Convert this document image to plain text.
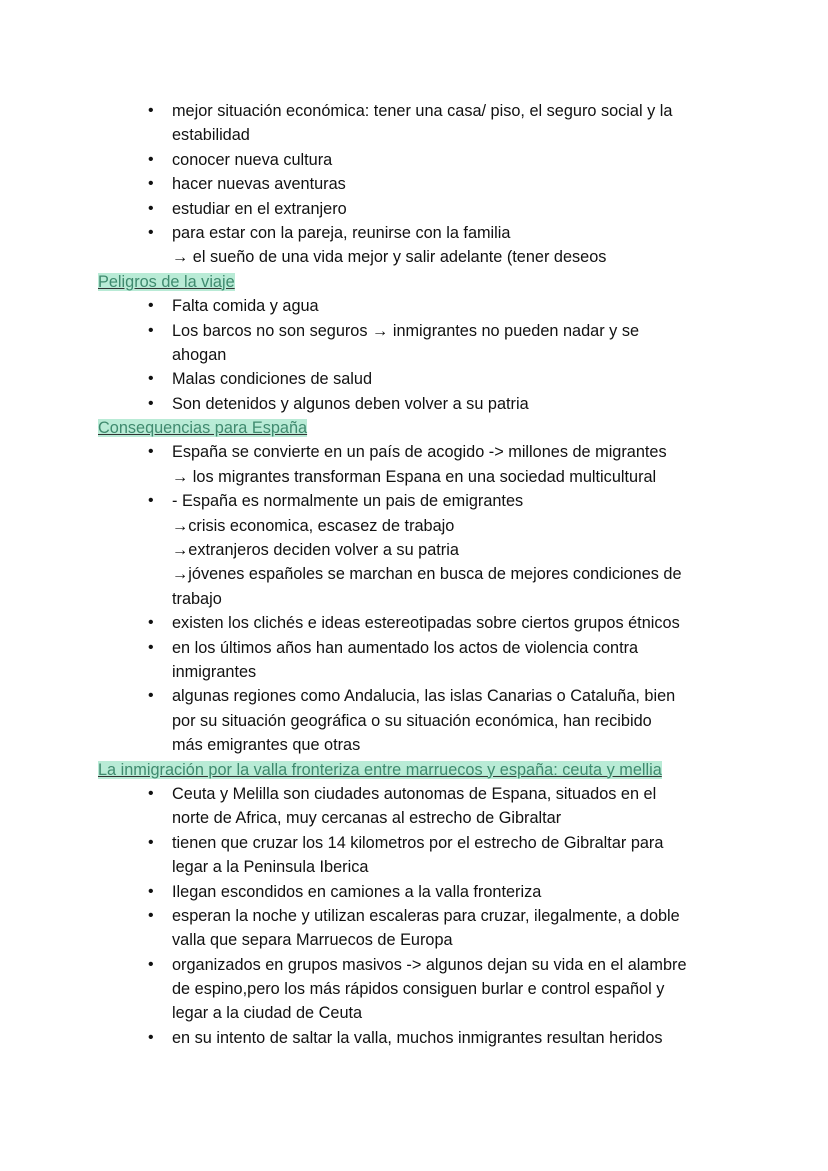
• mejor situación económica: tener una casa/ piso, el seguro social y la
estabilidad
• conocer nueva cultura
• hacer nuevas aventuras
• estudiar en el extranjero
• para estar con la pareja, reunirse con la familia
→ el sueño de una vida mejor y salir adelante (tener deseos
Peligros de la viaje
• Falta comida y agua
• Los barcos no son seguros → inmigrantes no pueden nadar y se
ahogan
• Malas condiciones de salud
• Son detenidos y algunos deben volver a su patria
Consequencias para España
• España se convierte en un país de acogido -> millones de migrantes
→ los migrantes transforman Espana en una sociedad multicultural
• - España es normalmente un pais de emigrantes
→crisis economica, escasez de trabajo
→extranjeros deciden volver a su patria
→jóvenes españoles se marchan en busca de mejores condiciones de
trabajo
• existen los clichés e ideas estereotipadas sobre ciertos grupos étnicos
• en los últimos años han aumentado los actos de violencia contra
inmigrantes
• algunas regiones como Andalucia, las islas Canarias o Cataluña, bien
por su situación geográfica o su situación económica, han recibido
más emigrantes que otras
La inmigración por la valla fronteriza entre marruecos y españa: ceuta y mellia
• Ceuta y Melilla son ciudades autonomas de Espana, situados en el
norte de Africa, muy cercanas al estrecho de Gibraltar
• tienen que cruzar los 14 kilometros por el estrecho de Gibraltar para
legar a la Peninsula Iberica
• Ilegan escondidos en camiones a la valla fronteriza
• esperan la noche y utilizan escaleras para cruzar, ilegalmente, a doble
valla que separa Marruecos de Europa
• organizados en grupos masivos -> algunos dejan su vida en el alambre
de espino,pero los más rápidos consiguen burlar e control español y
legar a la ciudad de Ceuta
• en su intento de saltar la valla, muchos inmigrantes resultan heridos
